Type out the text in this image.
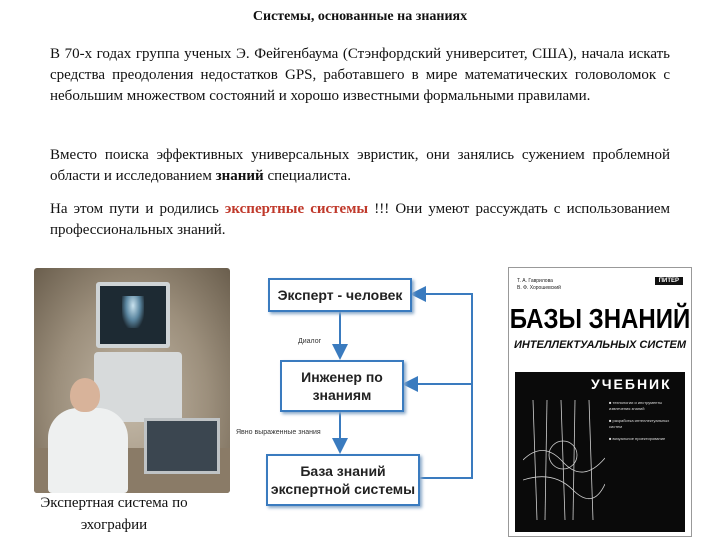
Системы, основанные на знаниях
В 70-х годах группа ученых Э. Фейгенбаума (Стэнфордский университет, США), начала искать средства преодоления недостатков GPS, работавшего в мире математических головоломок с небольшим множеством состояний и хорошо известными формальными правилами.
Вместо поиска эффективных универсальных эвристик, они занялись сужением проблемной области и исследованием знаний специалиста.
На этом пути и родились экспертные системы !!! Они умеют рассуждать с использованием профессиональных знаний.
Экспертная система по эхографии
Эксперт - человек
Инженер по знаниям
База знаний экспертной системы
Диалог
Явно выраженные знания
Т. А. Гаврилова
В. Ф. Хорошевский
ПИТЕР
БАЗЫ ЗНАНИЙ
ИНТЕЛЛЕКТУАЛЬНЫХ СИСТЕМ
УЧЕБНИК
■ технологии и инструменты извлечения знаний
■ разработка интеллектуальных систем
■ визуальное проектирование
